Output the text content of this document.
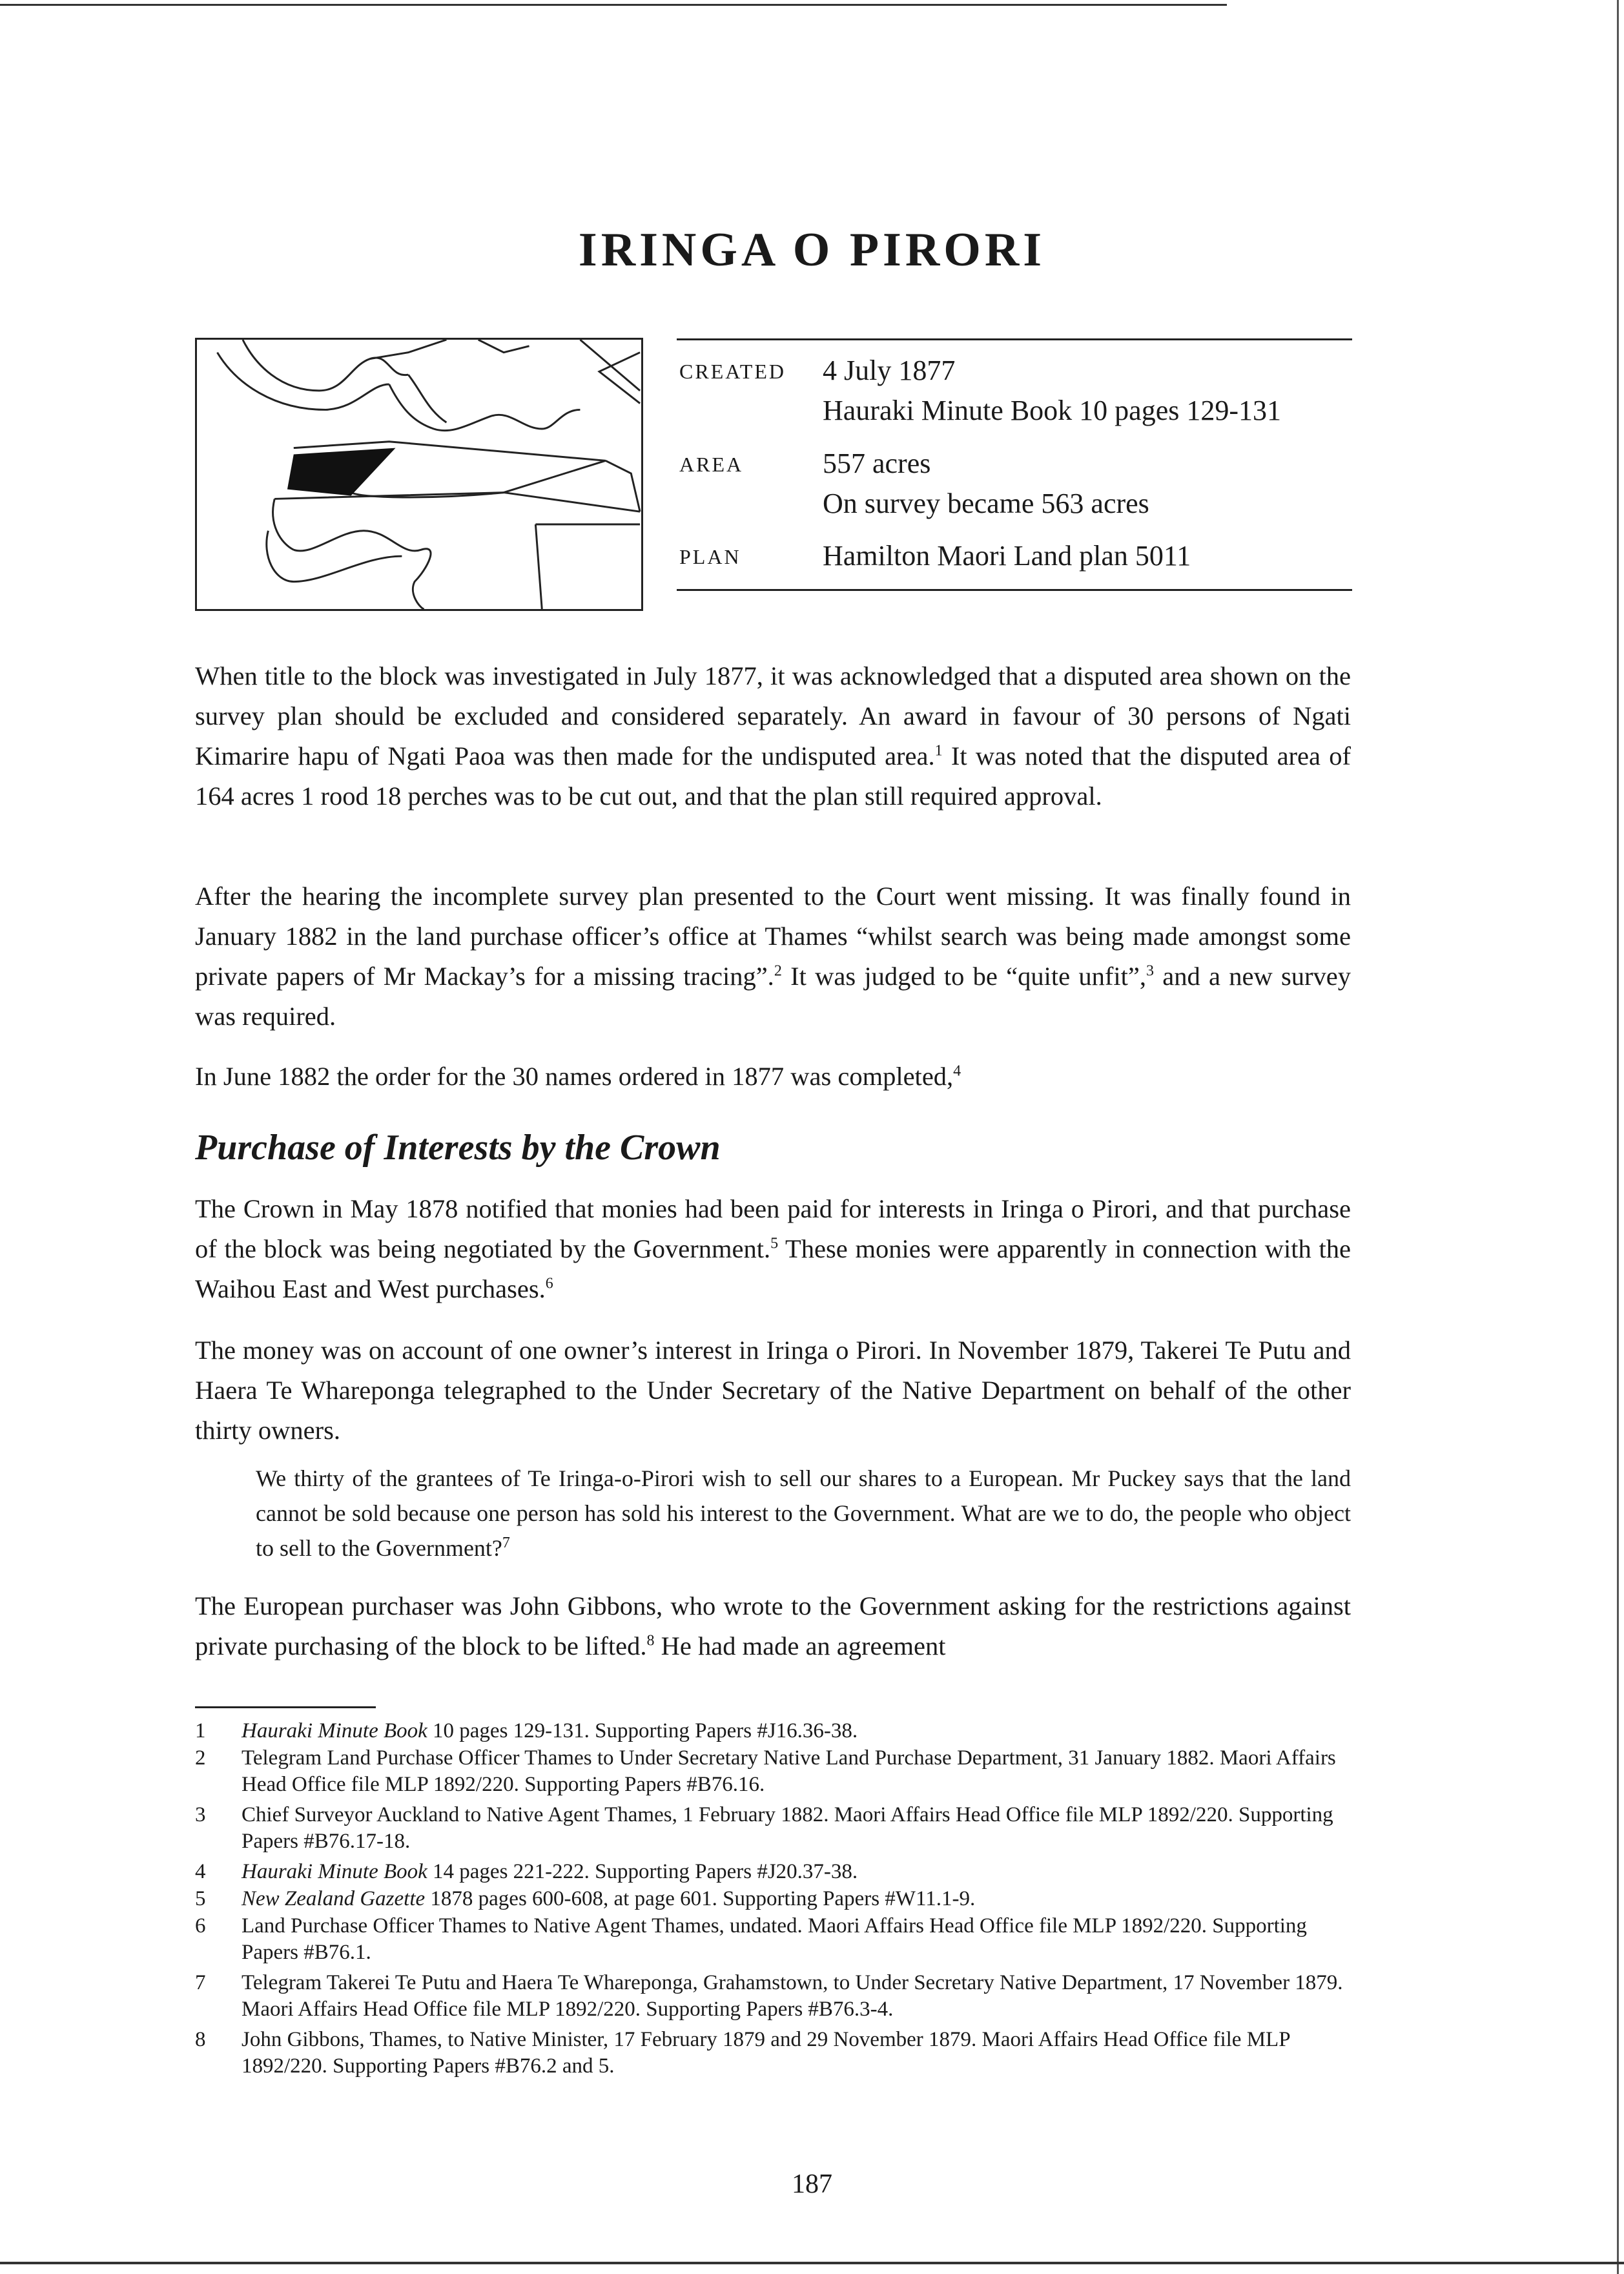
IRINGA O PIRORI
CREATED 4 July 1877
Hauraki Minute Book 10 pages 129-131
AREA	557 acres
On survey became 563 acres
PLAN	Hamilton Maori Land plan 5011

When title to the block was investigated in July 1877, it was acknowledged that a disputed area shown on the survey plan should be excluded and considered separately. An award in favour of 30 persons of Ngati Kimarire hapu of Ngati Paoa was then made for the undisputed area.$^1$ It was noted that the disputed area of 164 acres 1 rood 18 perches was to be cut out, and that the plan still required approval.

After the hearing the incomplete survey plan presented to the Court went missing. It was finally found in January 1882 in the land purchase officer’s office at Thames “whilst search was being made amongst some private papers of Mr Mackay’s for a missing tracing”.$^2$ It was judged to be “quite unfit”,$^3$ and a new survey was required.

In June 1882 the order for the 30 names ordered in 1877 was completed,$^4$

Purchase of Interests by the Crown

The Crown in May 1878 notified that monies had been paid for interests in Iringa o Pirori, and that purchase of the block was being negotiated by the Government.$^5$ These monies were apparently in connection with the Waihou East and West purchases.$^6$

The money was on account of one owner’s interest in Iringa o Pirori. In November 1879, Takerei Te Putu and Haera Te Whareponga telegraphed to the Under Secretary of the Native Department on behalf of the other thirty owners.

We thirty of the grantees of Te Iringa-o-Pirori wish to sell our shares to a European. Mr Puckey says that the land cannot be sold because one person has sold his interest to the Government. What are we to do, the people who object to sell to the Government?$^7$

The European purchaser was John Gibbons, who wrote to the Government asking for the restrictions against private purchasing of the block to be lifted.$^8$ He had made an agreement

1	Hauraki Minute Book 10 pages 129-131. Supporting Papers #J16.36-38.
2	Telegram Land Purchase Officer Thames to Under Secretary Native Land Purchase Department, 31 January 1882. Maori Affairs Head Office file MLP 1892/220. Supporting Papers #B76.16.
3	Chief Surveyor Auckland to Native Agent Thames, 1 February 1882. Maori Affairs Head Office file MLP 1892/220. Supporting Papers #B76.17-18.
4	Hauraki Minute Book 14 pages 221-222. Supporting Papers #J20.37-38.
5	New Zealand Gazette 1878 pages 600-608, at page 601. Supporting Papers #W11.1-9.
6	Land Purchase Officer Thames to Native Agent Thames, undated. Maori Affairs Head Office file MLP 1892/220. Supporting Papers #B76.1.
7	Telegram Takerei Te Putu and Haera Te Whareponga, Grahamstown, to Under Secretary Native Department, 17 November 1879. Maori Affairs Head Office file MLP 1892/220. Supporting Papers #B76.3-4.
8	John Gibbons, Thames, to Native Minister, 17 February 1879 and 29 November 1879. Maori Affairs Head Office file MLP 1892/220. Supporting Papers #B76.2 and 5.
187
